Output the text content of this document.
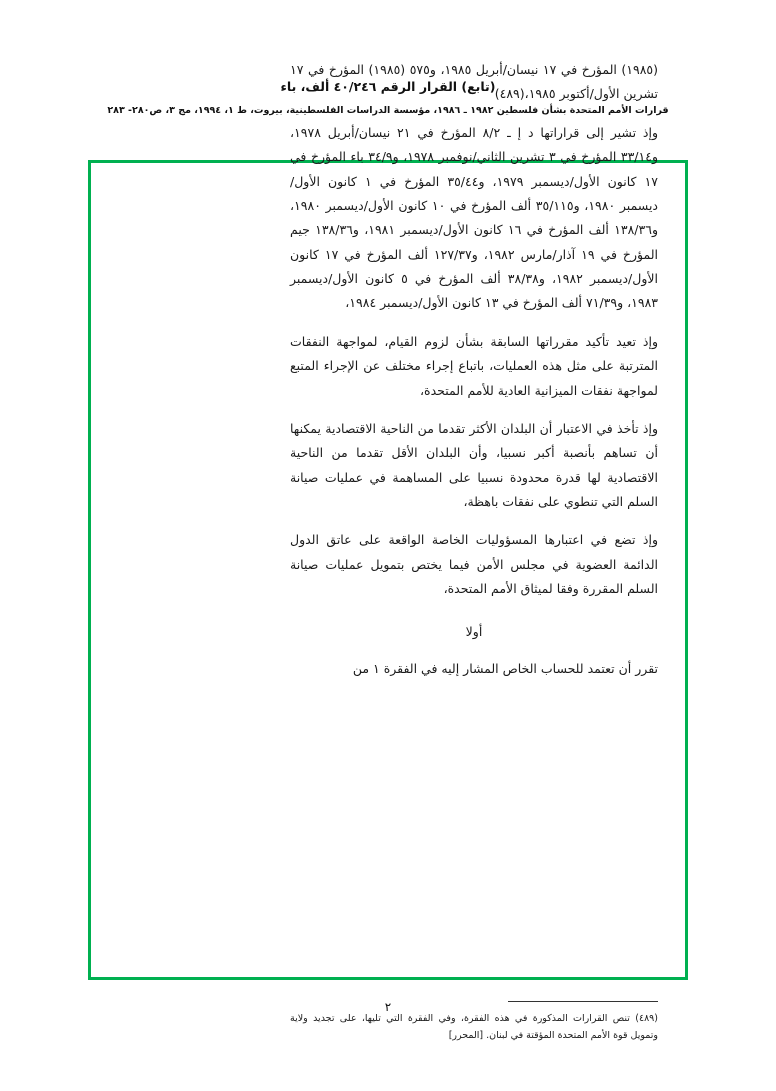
(تابع) القرار الرقم ٤٠/٢٤٦ ألف، باء
قرارات الأمم المتحدة بشأن فلسطين ١٩٨٢ ـ ١٩٨٦، مؤسسة الدراسات الفلسطينية، بيروت، ط ١، ١٩٩٤، مج ٣، ص٢٨٠- ٢٨٣

(١٩٨٥) المؤرخ في ١٧ نيسان/أبريل ١٩٨٥، و٥٧٥ (١٩٨٥) المؤرخ في ١٧ تشرين الأول/أكتوبر ١٩٨٥،(٤٨٩)

وإذ تشير إلى قراراتها د إ ـ ٨/٢ المؤرخ في ٢١ نيسان/أبريل ١٩٧٨، و٣٣/١٤ المؤرخ في ٣ تشرين الثاني/نوفمبر ١٩٧٨، و٣٤/٩ باء المؤرخ في ١٧ كانون الأول/ديسمبر ١٩٧٩، و٣٥/٤٤ المؤرخ في ١ كانون الأول/ديسمبر ١٩٨٠، و٣٥/١١٥ ألف المؤرخ في ١٠ كانون الأول/ديسمبر ١٩٨٠، و١٣٨/٣٦ ألف المؤرخ في ١٦ كانون الأول/ديسمبر ١٩٨١، و١٣٨/٣٦ جيم المؤرخ في ١٩ آذار/مارس ١٩٨٢، و١٢٧/٣٧ ألف المؤرخ في ١٧ كانون الأول/ديسمبر ١٩٨٢، و٣٨/٣٨ ألف المؤرخ في ٥ كانون الأول/ديسمبر ١٩٨٣، و٧١/٣٩ ألف المؤرخ في ١٣ كانون الأول/ديسمبر ١٩٨٤،

وإذ تعيد تأكيد مقرراتها السابقة بشأن لزوم القيام، لمواجهة النفقات المترتبة على مثل هذه العمليات، باتباع إجراء مختلف عن الإجراء المتبع لمواجهة نفقات الميزانية العادية للأمم المتحدة،

وإذ تأخذ في الاعتبار أن البلدان الأكثر تقدما من الناحية الاقتصادية يمكنها أن تساهم بأنصبة أكبر نسبيا، وأن البلدان الأقل تقدما من الناحية الاقتصادية لها قدرة محدودة نسبيا على المساهمة في عمليات صيانة السلم التي تنطوي على نفقات باهظة،

وإذ تضع في اعتبارها المسؤوليات الخاصة الواقعة على عاتق الدول الدائمة العضوية في مجلس الأمن فيما يختص بتمويل عمليات صيانة السلم المقررة وفقا لميثاق الأمم المتحدة،

أولا

تقرر أن تعتمد للحساب الخاص المشار إليه في الفقرة ١ من

(٤٨٩) تنص القرارات المذكورة في هذه الفقرة، وفي الفقرة التي تليها، على تجديد ولاية وتمويل قوة الأمم المتحدة المؤقتة في لبنان. [المحرر]

٢
